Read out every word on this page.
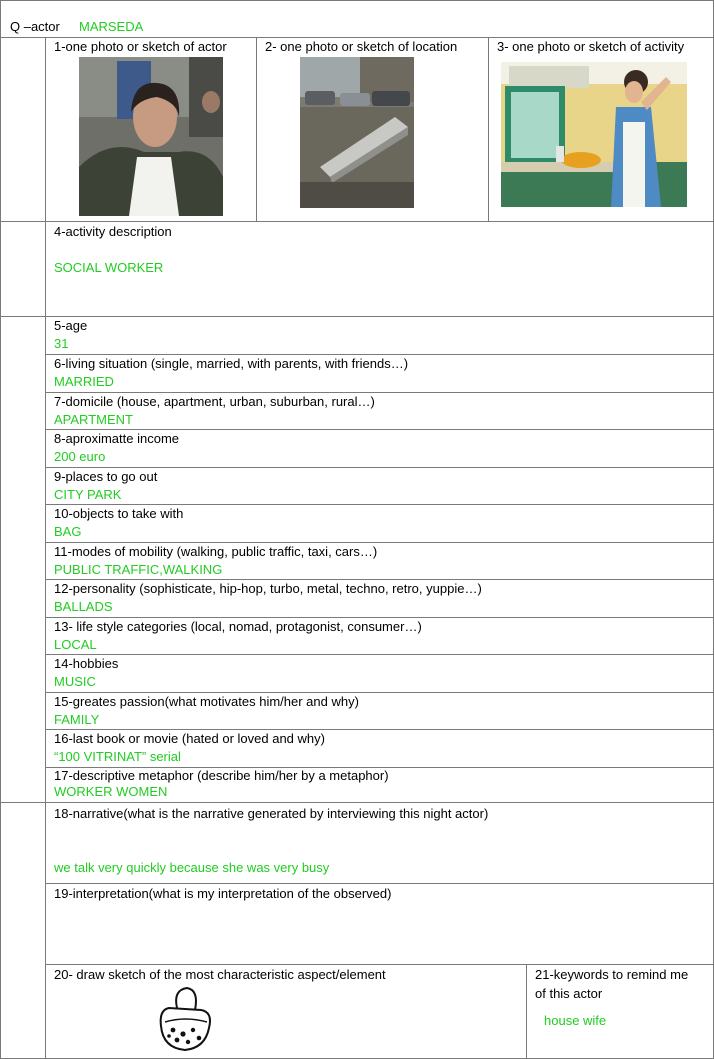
Q –actor MARSEDA
1-one photo or sketch of actor	2- one photo or sketch of location	3- one photo or sketch of activity
4-activity description
SOCIAL WORKER
5-age
31
6-living situation (single, married, with parents, with friends…)
MARRIED
7-domicile (house, apartment, urban, suburban, rural…)
APARTMENT
8-aproximatte income
200 euro
9-places to go out
CITY PARK
10-objects to take with
BAG
11-modes of mobility (walking, public traffic, taxi, cars…)
PUBLIC TRAFFIC,WALKING
12-personality (sophisticate, hip-hop, turbo, metal, techno, retro, yuppie…)
BALLADS
13- life style categories (local, nomad, protagonist, consumer…)
LOCAL
14-hobbies
MUSIC
15-greates passion(what motivates him/her and why)
FAMILY
16-last book or movie (hated or loved and why)
“100 VITRINAT” serial
17-descriptive metaphor (describe him/her by a metaphor)
WORKER WOMEN
18-narrative(what is the narrative generated by interviewing this night actor)
we talk very quickly because she was very busy
19-interpretation(what is my interpretation of the observed)
20- draw sketch of the most characteristic aspect/element	21-keywords to remind me
of this actor
house wife
